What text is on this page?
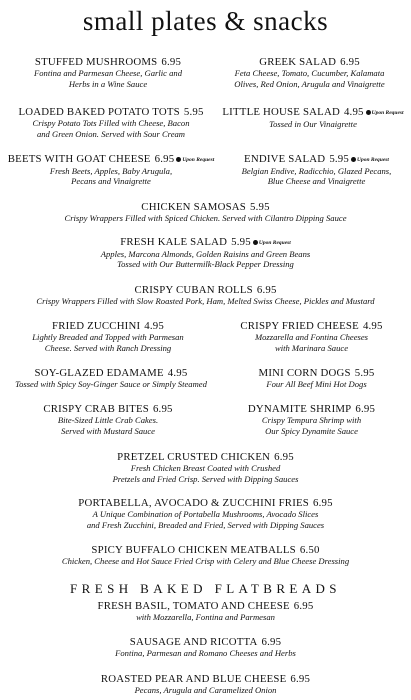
small plates & snacks
STUFFED MUSHROOMS 6.95
Fontina and Parmesan Cheese, Garlic and
Herbs in a Wine Sauce
GREEK SALAD 6.95
Feta Cheese, Tomato, Cucumber, Kalamata
Olives, Red Onion, Arugula and Vinaigrette
LOADED BAKED POTATO TOTS 5.95
Crispy Potato Tots Filled with Cheese, Bacon
and Green Onion. Served with Sour Cream
LITTLE HOUSE SALAD 4.95 Upon Request
Tossed in Our Vinaigrette
BEETS WITH GOAT CHEESE 6.95 Upon Request
Fresh Beets, Apples, Baby Arugula,
Pecans and Vinaigrette
ENDIVE SALAD 5.95 Upon Request
Belgian Endive, Radicchio, Glazed Pecans,
Blue Cheese and Vinaigrette
CHICKEN SAMOSAS 5.95
Crispy Wrappers Filled with Spiced Chicken. Served with Cilantro Dipping Sauce
FRESH KALE SALAD 5.95 Upon Request
Apples, Marcona Almonds, Golden Raisins and Green Beans
Tossed with Our Buttermilk-Black Pepper Dressing
CRISPY CUBAN ROLLS 6.95
Crispy Wrappers Filled with Slow Roasted Pork, Ham, Melted Swiss Cheese, Pickles and Mustard
FRIED ZUCCHINI 4.95
Lightly Breaded and Topped with Parmesan
Cheese. Served with Ranch Dressing
CRISPY FRIED CHEESE 4.95
Mozzarella and Fontina Cheeses
with Marinara Sauce
SOY-GLAZED EDAMAME 4.95
Tossed with Spicy Soy-Ginger Sauce or Simply Steamed
MINI CORN DOGS 5.95
Four All Beef Mini Hot Dogs
CRISPY CRAB BITES 6.95
Bite-Sized Little Crab Cakes.
Served with Mustard Sauce
DYNAMITE SHRIMP 6.95
Crispy Tempura Shrimp with
Our Spicy Dynamite Sauce
PRETZEL CRUSTED CHICKEN 6.95
Fresh Chicken Breast Coated with Crushed
Pretzels and Fried Crisp. Served with Dipping Sauces
PORTABELLA, AVOCADO & ZUCCHINI FRIES 6.95
A Unique Combination of Portabella Mushrooms, Avocado Slices
and Fresh Zucchini, Breaded and Fried, Served with Dipping Sauces
SPICY BUFFALO CHICKEN MEATBALLS 6.50
Chicken, Cheese and Hot Sauce Fried Crisp with Celery and Blue Cheese Dressing
FRESH BAKED FLATBREADS
FRESH BASIL, TOMATO AND CHEESE 6.95
with Mozzarella, Fontina and Parmesan
SAUSAGE AND RICOTTA 6.95
Fontina, Parmesan and Romano Cheeses and Herbs
ROASTED PEAR AND BLUE CHEESE 6.95
Pecans, Arugula and Caramelized Onion
